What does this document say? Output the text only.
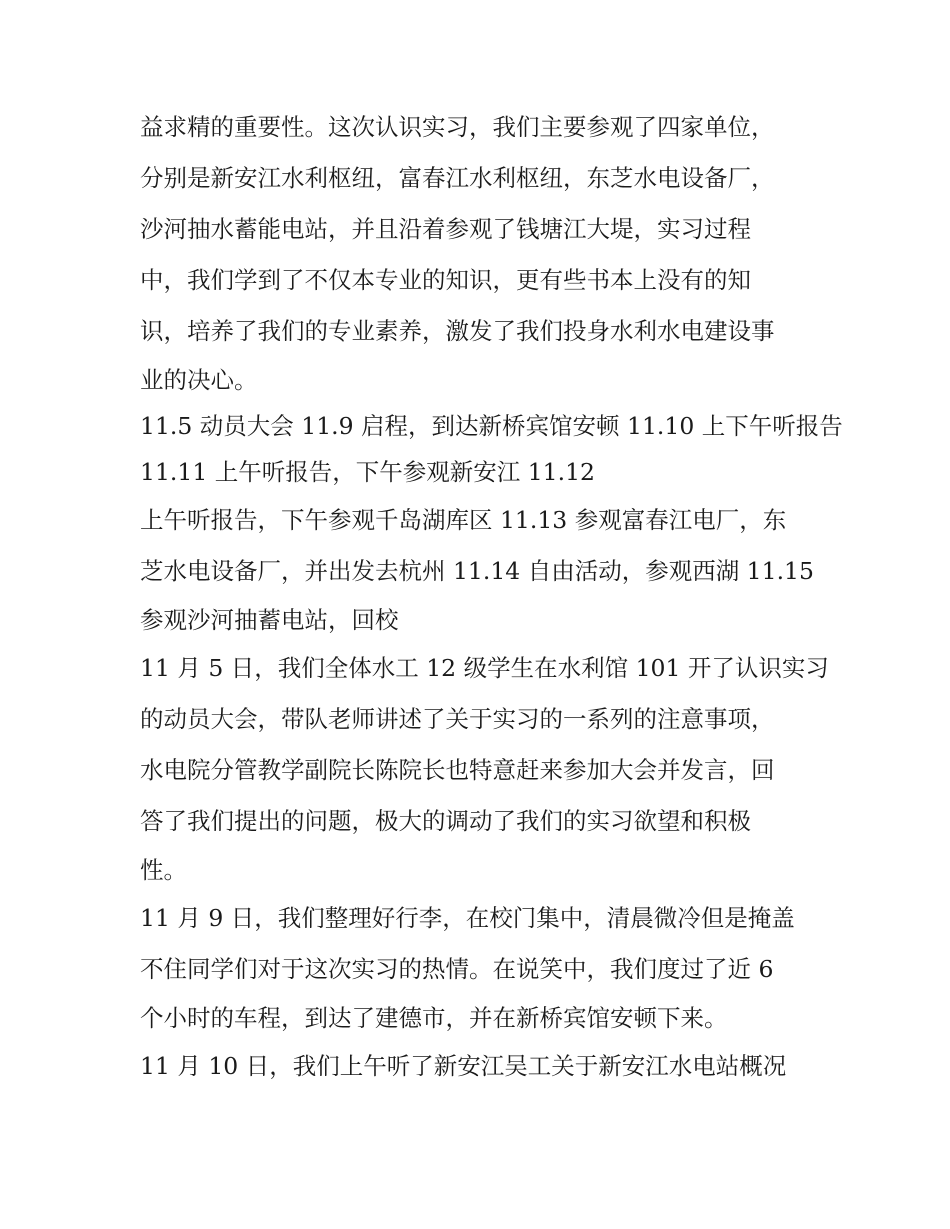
益求精的重要性。这次认识实习，我们主要参观了四家单位，
分别是新安江水利枢纽，富春江水利枢纽，东芝水电设备厂，
沙河抽水蓄能电站，并且沿着参观了钱塘江大堤，实习过程
中，我们学到了不仅本专业的知识，更有些书本上没有的知
识，培养了我们的专业素养，激发了我们投身水利水电建设事
业的决心。
11.5 动员大会 11.9 启程，到达新桥宾馆安顿 11.10 上下午听报告
11.11 上午听报告，下午参观新安江 11.12
上午听报告，下午参观千岛湖库区 11.13 参观富春江电厂，东
芝水电设备厂，并出发去杭州 11.14 自由活动，参观西湖 11.15
参观沙河抽蓄电站，回校
11 月 5 日，我们全体水工 12 级学生在水利馆 101 开了认识实习
的动员大会，带队老师讲述了关于实习的一系列的注意事项，
水电院分管教学副院长陈院长也特意赶来参加大会并发言，回
答了我们提出的问题，极大的调动了我们的实习欲望和积极
性。
11 月 9 日，我们整理好行李，在校门集中，清晨微冷但是掩盖
不住同学们对于这次实习的热情。在说笑中，我们度过了近 6
个小时的车程，到达了建德市，并在新桥宾馆安顿下来。
11 月 10 日，我们上午听了新安江吴工关于新安江水电站概况
